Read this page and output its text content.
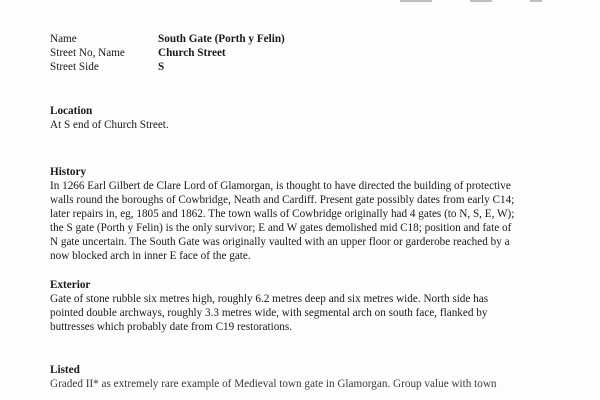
Name	South Gate (Porth y Felin)
Street No, Name	Church Street
Street Side	S
Location

At S end of Church Street.

History

In 1266 Earl Gilbert de Clare Lord of Glamorgan, is thought to have directed the building of protective

walls round the boroughs of Cowbridge, Neath and Cardiff. Present gate possibly dates from early C14;

later repairs in, eg, 1805 and 1862. The town walls of Cowbridge originally had 4 gates (to N, S, E, W);

the S gate (Porth y Felin) is the only survivor; E and W gates demolished mid C18; position and fate of

N gate uncertain. The South Gate was originally vaulted with an upper floor or garderobe reached by a

now blocked arch in inner E face of the gate.

Exterior

Gate of stone rubble six metres high, roughly 6.2 metres deep and six metres wide. North side has

pointed double archways, roughly 3.3 metres wide, with segmental arch on south face, flanked by

buttresses which probably date from C19 restorations.

Listed

Graded II* as extremely rare example of Medieval town gate in Glamorgan. Group value with town
